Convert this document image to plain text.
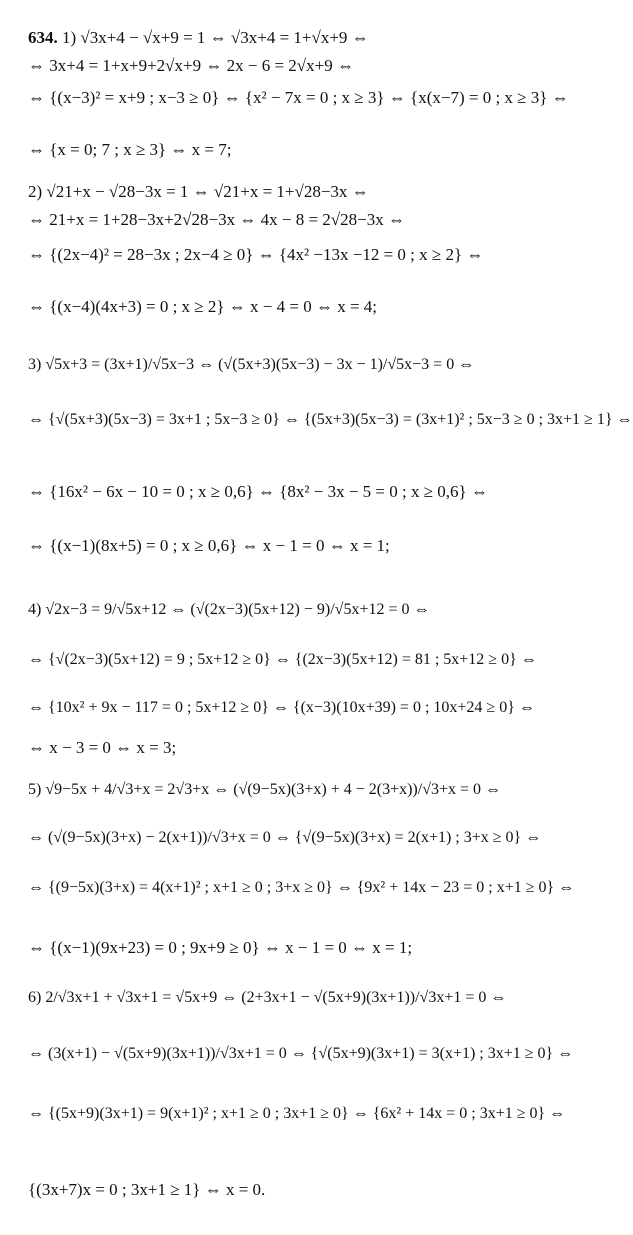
634. 1) √3x+4 − √x+9 = 1 ⇔ √3x+4 = 1+√x+9 ⇔
⇔ 3x+4 = 1+x+9+2√x+9 ⇔ 2x − 6 = 2√x+9 ⇔
⇔ {(x−3)² = x+9 ; x−3 ≥ 0} ⇔ {x² − 7x = 0 ; x ≥ 3} ⇔ {x(x−7) = 0 ; x ≥ 3} ⇔
⇔ {x = 0; 7 ; x ≥ 3} ⇔ x = 7;
2) √21+x − √28−3x = 1 ⇔ √21+x = 1+√28−3x ⇔
⇔ 21+x = 1+28−3x+2√28−3x ⇔ 4x − 8 = 2√28−3x ⇔
⇔ {(2x−4)² = 28−3x ; 2x−4 ≥ 0} ⇔ {4x² −13x −12 = 0 ; x ≥ 2} ⇔
⇔ {(x−4)(4x+3) = 0 ; x ≥ 2} ⇔ x − 4 = 0 ⇔ x = 4;
3) √5x+3 = (3x+1)/√5x−3 ⇔ (√(5x+3)(5x−3) − 3x − 1)/√5x−3 = 0 ⇔
⇔ {√(5x+3)(5x−3) = 3x+1 ; 5x−3 ≥ 0} ⇔ {(5x+3)(5x−3) = (3x+1)² ; 5x−3 ≥ 0 ; 3x+1 ≥ 1} ⇔
⇔ {16x² − 6x − 10 = 0 ; x ≥ 0,6} ⇔ {8x² − 3x − 5 = 0 ; x ≥ 0,6} ⇔
⇔ {(x−1)(8x+5) = 0 ; x ≥ 0,6} ⇔ x − 1 = 0 ⇔ x = 1;
4) √2x−3 = 9/√5x+12 ⇔ (√(2x−3)(5x+12) − 9)/√5x+12 = 0 ⇔
⇔ {√(2x−3)(5x+12) = 9 ; 5x+12 ≥ 0} ⇔ {(2x−3)(5x+12) = 81 ; 5x+12 ≥ 0} ⇔
⇔ {10x² + 9x − 117 = 0 ; 5x+12 ≥ 0} ⇔ {(x−3)(10x+39) = 0 ; 10x+24 ≥ 0} ⇔
⇔ x − 3 = 0 ⇔ x = 3;
5) √9−5x + 4/√3+x = 2√3+x ⇔ (√(9−5x)(3+x) + 4 − 2(3+x))/√3+x = 0 ⇔
⇔ (√(9−5x)(3+x) − 2(x+1))/√3+x = 0 ⇔ {√(9−5x)(3+x) = 2(x+1) ; 3+x ≥ 0} ⇔
⇔ {(9−5x)(3+x) = 4(x+1)² ; x+1 ≥ 0 ; 3+x ≥ 0} ⇔ {9x² + 14x − 23 = 0 ; x+1 ≥ 0} ⇔
⇔ {(x−1)(9x+23) = 0 ; 9x+9 ≥ 0} ⇔ x − 1 = 0 ⇔ x = 1;
6) 2/√3x+1 + √3x+1 = √5x+9 ⇔ (2+3x+1 − √(5x+9)(3x+1))/√3x+1 = 0 ⇔
⇔ (3(x+1) − √(5x+9)(3x+1))/√3x+1 = 0 ⇔ {√(5x+9)(3x+1) = 3(x+1) ; 3x+1 ≥ 0} ⇔
⇔ {(5x+9)(3x+1) = 9(x+1)² ; x+1 ≥ 0 ; 3x+1 ≥ 0} ⇔ {6x² + 14x = 0 ; 3x+1 ≥ 0} ⇔
{(3x+7)x = 0 ; 3x+1 ≥ 1} ⇔ x = 0.
